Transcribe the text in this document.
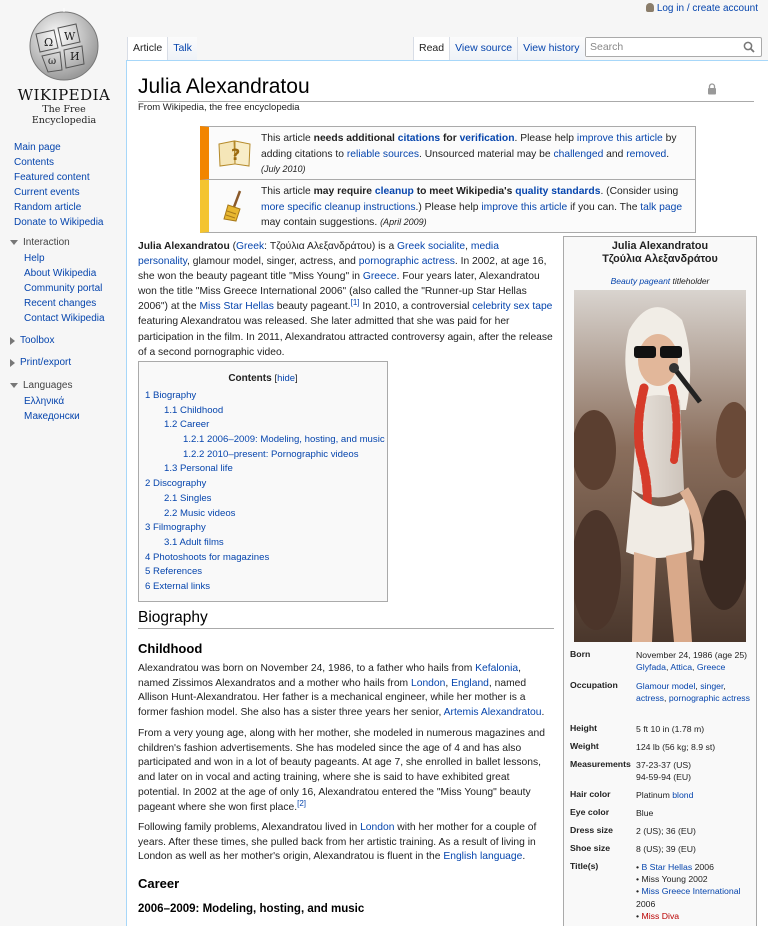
Ω W
И
ω
WIKIPEDIA
The Free Encyclopedia
Log in / create account
Article	Talk	Read	View source	View history
Search
Main page
Contents
Featured content
Current events
Random article
Donate to Wikipedia
Interaction
Help
About Wikipedia
Community portal
Recent changes
Contact Wikipedia
Toolbox
Print/export
Languages
Ελληνικά
Македонски
Julia Alexandratou
From Wikipedia, the free encyclopedia
?
This article needs additional citations for verification. Please help improve this article by adding citations to reliable sources. Unsourced material may be challenged and removed. (July 2010)
This article may require cleanup to meet Wikipedia's quality standards. (Consider using more specific cleanup instructions.) Please help improve this article if you can. The talk page may contain suggestions. (April 2009)
Julia Alexandratou (Greek: Τζούλια Αλεξανδράτου) is a Greek socialite, media personality, glamour model, singer, actress, and pornographic actress. In 2002, at age 16, she won the beauty pageant title "Miss Young" in Greece. Four years later, Alexandratou won the title "Miss Greece International 2006" (also called the "Runner-up Star Hellas 2006") at the Miss Star Hellas beauty pageant.[1] In 2010, a controversial celebrity sex tape featuring Alexandratou was released. She later admitted that she was paid for her participation in the film. In 2011, Alexandratou attracted controversy again, after the release of a second pornographic video.
Contents [hide]
1 Biography
1.1 Childhood
1.2 Career
1.2.1 2006–2009: Modeling, hosting, and music
1.2.2 2010–present: Pornographic videos
1.3 Personal life
2 Discography
2.1 Singles
2.2 Music videos
3 Filmography
3.1 Adult films
4 Photoshoots for magazines
5 References
6 External links
Biography
Childhood
Alexandratou was born on November 24, 1986, to a father who hails from Kefalonia, named Zissimos Alexandratos and a mother who hails from London, England, named Allison Hunt-Alexandratou. Her father is a mechanical engineer, while her mother is a former fashion model. She also has a sister three years her senior, Artemis Alexandratou.
From a very young age, along with her mother, she modeled in numerous magazines and children's fashion advertisements. She has modeled since the age of 4 and has also participated and won in a lot of beauty pageants. At age 7, she enrolled in ballet lessons, and later on in vocal and acting training, where she is said to have exhibited great potential. In 2002 at the age of only 16, Alexandratou entered the "Miss Young" beauty pageant where she won first place.[2]
Following family problems, Alexandratou lived in London with her mother for a couple of years. After these times, she pulled back from her artistic training. As a result of living in London as well as her mother's origin, Alexandratou is fluent in the English language.
Career
2006–2009: Modeling, hosting, and music
Julia Alexandratou
Τζούλια Αλεξανδράτου
Beauty pageant titleholder
Born	November 24, 1986 (age 25)
Glyfada, Attica, Greece
Occupation	Glamour model, singer,
actress, pornographic actress
Height	5 ft 10 in (1.78 m)
Weight	124 lb (56 kg; 8.9 st)
Measurements 37-23-37 (US)
94-59-94 (EU)
Hair color	Platinum blond
Eye color	Blue
Dress size	2 (US); 36 (EU)
Shoe size	8 (US); 39 (EU)
Title(s)	• B Star Hellas 2006
• Miss Young 2002
• Miss Greece International
2006
• Miss Diva
